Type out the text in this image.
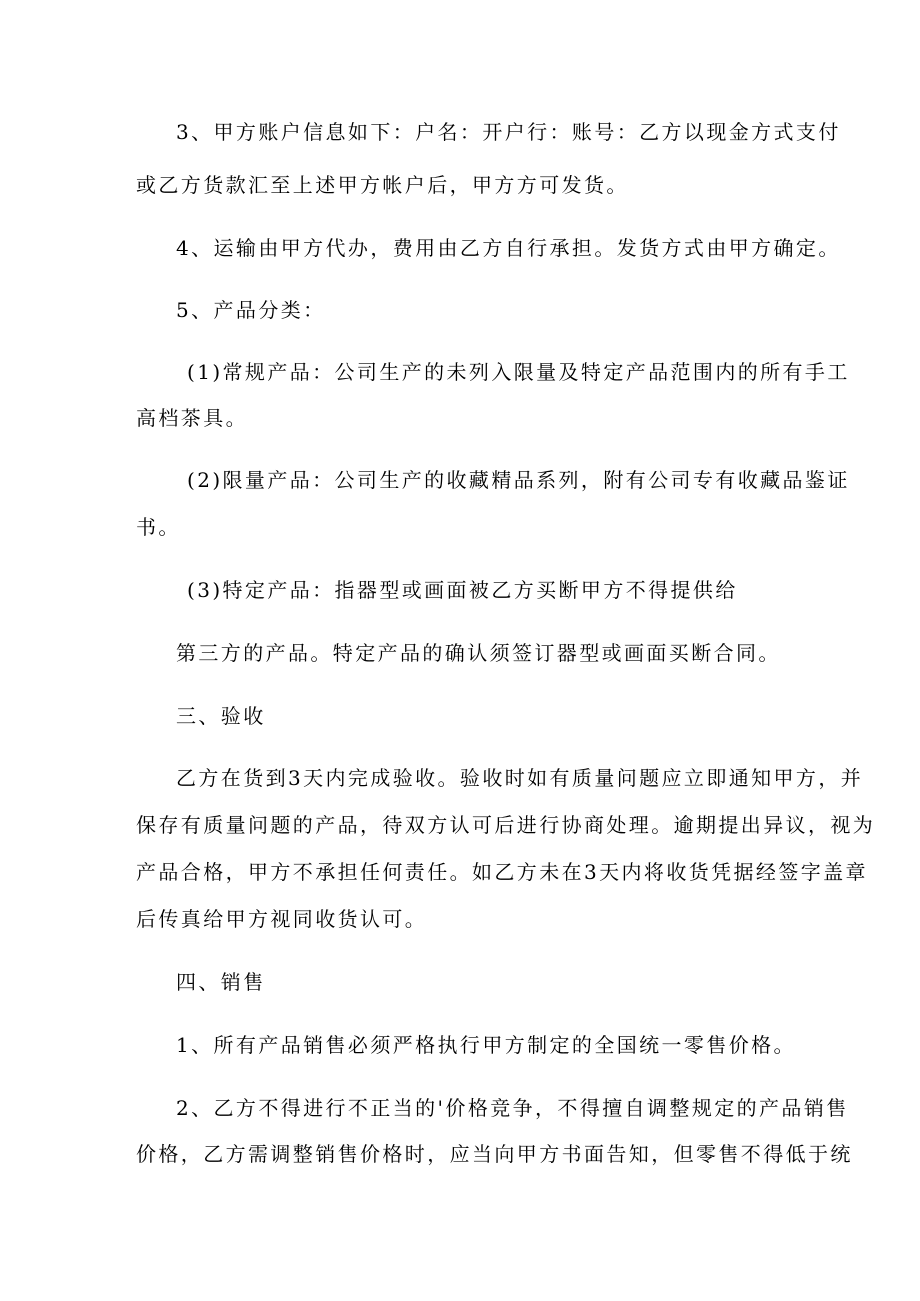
3、甲方账户信息如下：户名：开户行：账号：乙方以现金方式支付
或乙方货款汇至上述甲方帐户后，甲方方可发货。
4、运输由甲方代办，费用由乙方自行承担。发货方式由甲方确定。
5、产品分类：
(1)常规产品：公司生产的未列入限量及特定产品范围内的所有手工
高档茶具。
(2)限量产品：公司生产的收藏精品系列，附有公司专有收藏品鉴证
书。
(3)特定产品：指器型或画面被乙方买断甲方不得提供给
第三方的产品。特定产品的确认须签订器型或画面买断合同。
三、验收
乙方在货到3天内完成验收。验收时如有质量问题应立即通知甲方，并
保存有质量问题的产品，待双方认可后进行协商处理。逾期提出异议，视为
产品合格，甲方不承担任何责任。如乙方未在3天内将收货凭据经签字盖章
后传真给甲方视同收货认可。
四、销售
1、所有产品销售必须严格执行甲方制定的全国统一零售价格。
2、乙方不得进行不正当的'价格竞争，不得擅自调整规定的产品销售
价格，乙方需调整销售价格时，应当向甲方书面告知，但零售不得低于统
